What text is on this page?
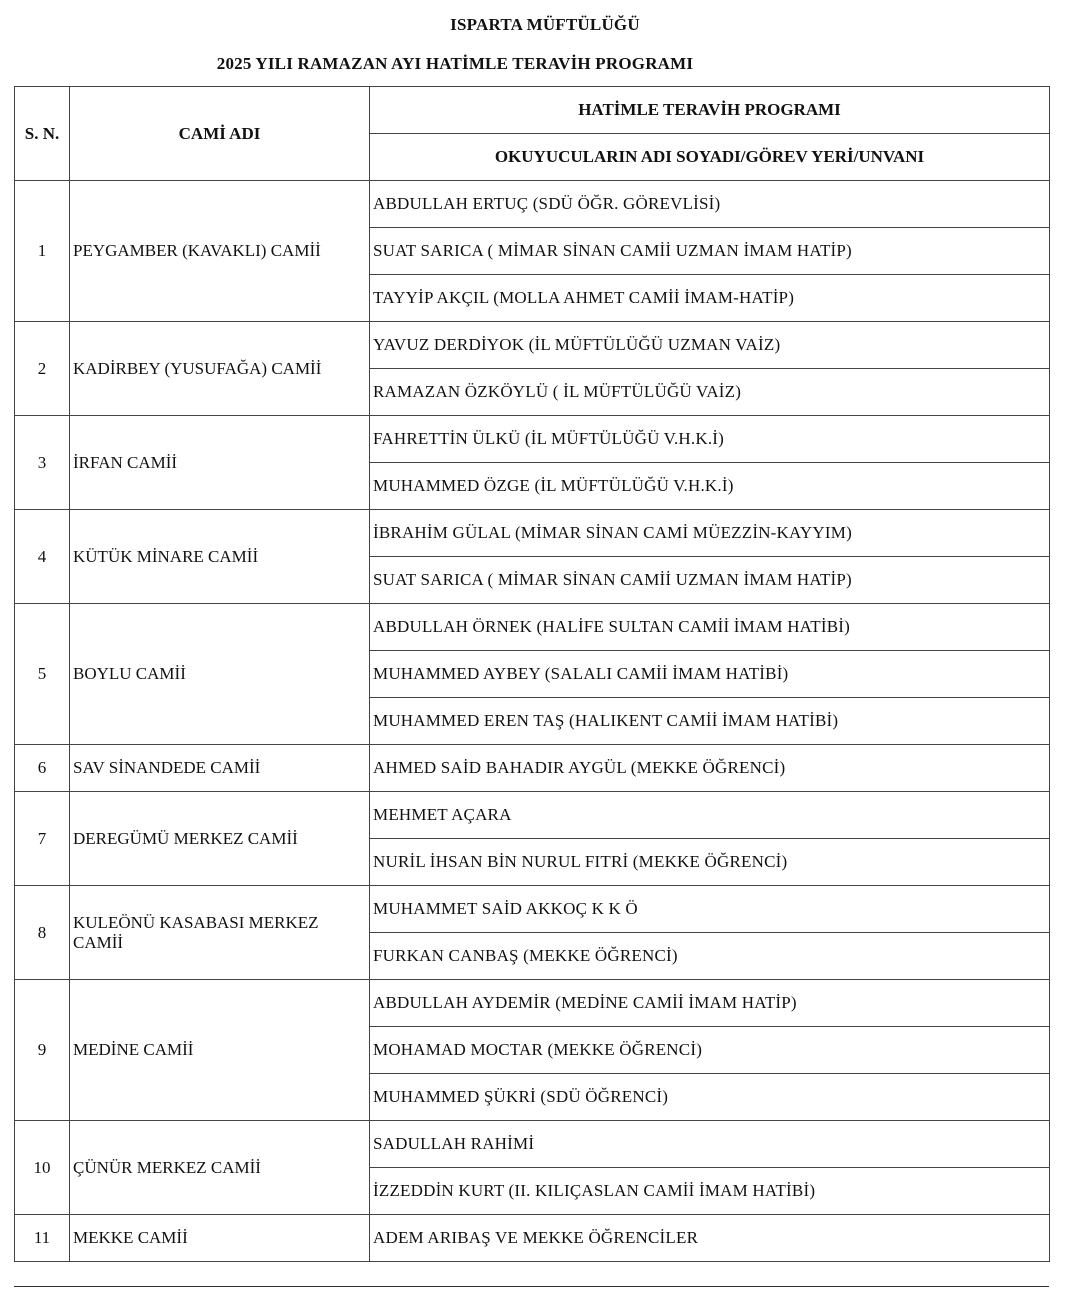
ISPARTA MÜFTÜLÜĞÜ
2025 YILI RAMAZAN AYI HATİMLE TERAVİH PROGRAMI
S. N.	CAMİ ADI	HATİMLE TERAVİH PROGRAMI
		OKUYUCULARIN ADI SOYADI/GÖREV YERİ/UNVANI
1	PEYGAMBER (KAVAKLI) CAMİİ	ABDULLAH ERTUÇ (SDÜ ÖĞR. GÖREVLİSİ)
		SUAT SARICA ( MİMAR SİNAN CAMİİ UZMAN İMAM HATİP)
		TAYYİP AKÇIL (MOLLA AHMET CAMİİ İMAM-HATİP)
2	KADİRBEY (YUSUFAĞA) CAMİİ	YAVUZ DERDİYOK (İL MÜFTÜLÜĞÜ UZMAN VAİZ)
		RAMAZAN ÖZKÖYLÜ ( İL MÜFTÜLÜĞÜ VAİZ)
3	İRFAN CAMİİ	FAHRETTİN ÜLKÜ (İL MÜFTÜLÜĞÜ V.H.K.İ)
		MUHAMMED ÖZGE (İL MÜFTÜLÜĞÜ V.H.K.İ)
4	KÜTÜK MİNARE CAMİİ	İBRAHİM GÜLAL (MİMAR SİNAN CAMİ MÜEZZİN-KAYYIM)
		SUAT SARICA ( MİMAR SİNAN CAMİİ UZMAN İMAM HATİP)
5	BOYLU CAMİİ	ABDULLAH ÖRNEK (HALİFE SULTAN CAMİİ İMAM HATİBİ)
		MUHAMMED AYBEY (SALALI CAMİİ İMAM HATİBİ)
		MUHAMMED EREN TAŞ (HALIKENT CAMİİ İMAM HATİBİ)
6	SAV SİNANDEDE CAMİİ	AHMED SAİD BAHADIR AYGÜL (MEKKE ÖĞRENCİ)
7	DEREGÜMÜ MERKEZ CAMİİ	MEHMET AÇARA
		NURİL İHSAN BİN NURUL FITRİ (MEKKE ÖĞRENCİ)
8	KULEÖNÜ KASABASI MERKEZ CAMİİ	MUHAMMET SAİD AKKOÇ K K Ö
		FURKAN CANBAŞ (MEKKE ÖĞRENCİ)
9	MEDİNE CAMİİ	ABDULLAH AYDEMİR (MEDİNE CAMİİ İMAM HATİP)
		MOHAMAD MOCTAR (MEKKE ÖĞRENCİ)
		MUHAMMED ŞÜKRİ (SDÜ ÖĞRENCİ)
10	ÇÜNÜR MERKEZ CAMİİ	SADULLAH RAHİMİ
		İZZEDDİN KURT (II. KILIÇASLAN CAMİİ İMAM HATİBİ)
11	MEKKE CAMİİ	ADEM ARIBAŞ VE MEKKE ÖĞRENCİLER
